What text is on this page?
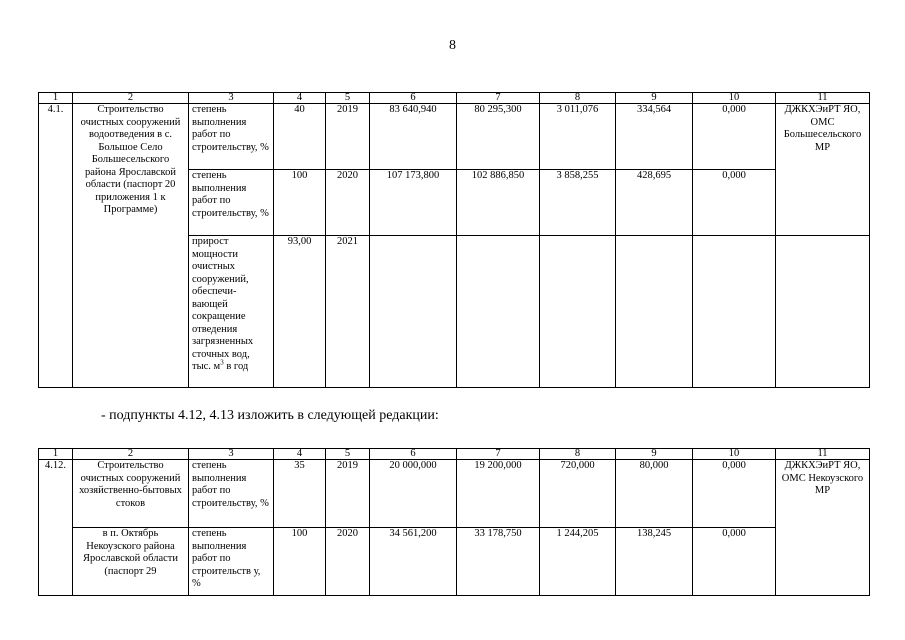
8
1	2	3	4	5	6	7	8	9	10	11
4.1.	Строительство очистных сооружений водоотведения в с. Большое Село Большесельского района Ярославской области (паспорт 20 приложения 1 к Программе)	степень выполнения работ по строительству, %	40	2019	83 640,940	80 295,300	3 011,076	334,564	0,000	ДЖКХЭиРТ ЯО, ОМС Большесельского МР
		степень выполнения работ по строительству, %	100	2020	107 173,800	102 886,850	3 858,255	428,695	0,000	
		прирост мощности очистных сооружений, обеспечи-вающей сокращение отведения загрязненных сточных вод, тыс. $м^3$ в год	93,00	2021						
- подпункты 4.12, 4.13 изложить в следующей редакции:
1	2	3	4	5	6	7	8	9	10	11
4.12.	Строительство очистных сооружений хозяйственно-бытовых стоков	степень выполнения работ по строительству, %	35	2019	20 000,000	19 200,000	720,000	80,000	0,000	ДЖКХЭиРТ ЯО, ОМС Некоузского МР
	в п. Октябрь Некоузского района Ярославской области (паспорт 29	степень выполнения работ по строительств у, %	100	2020	34 561,200	33 178,750	1 244,205	138,245	0,000	
